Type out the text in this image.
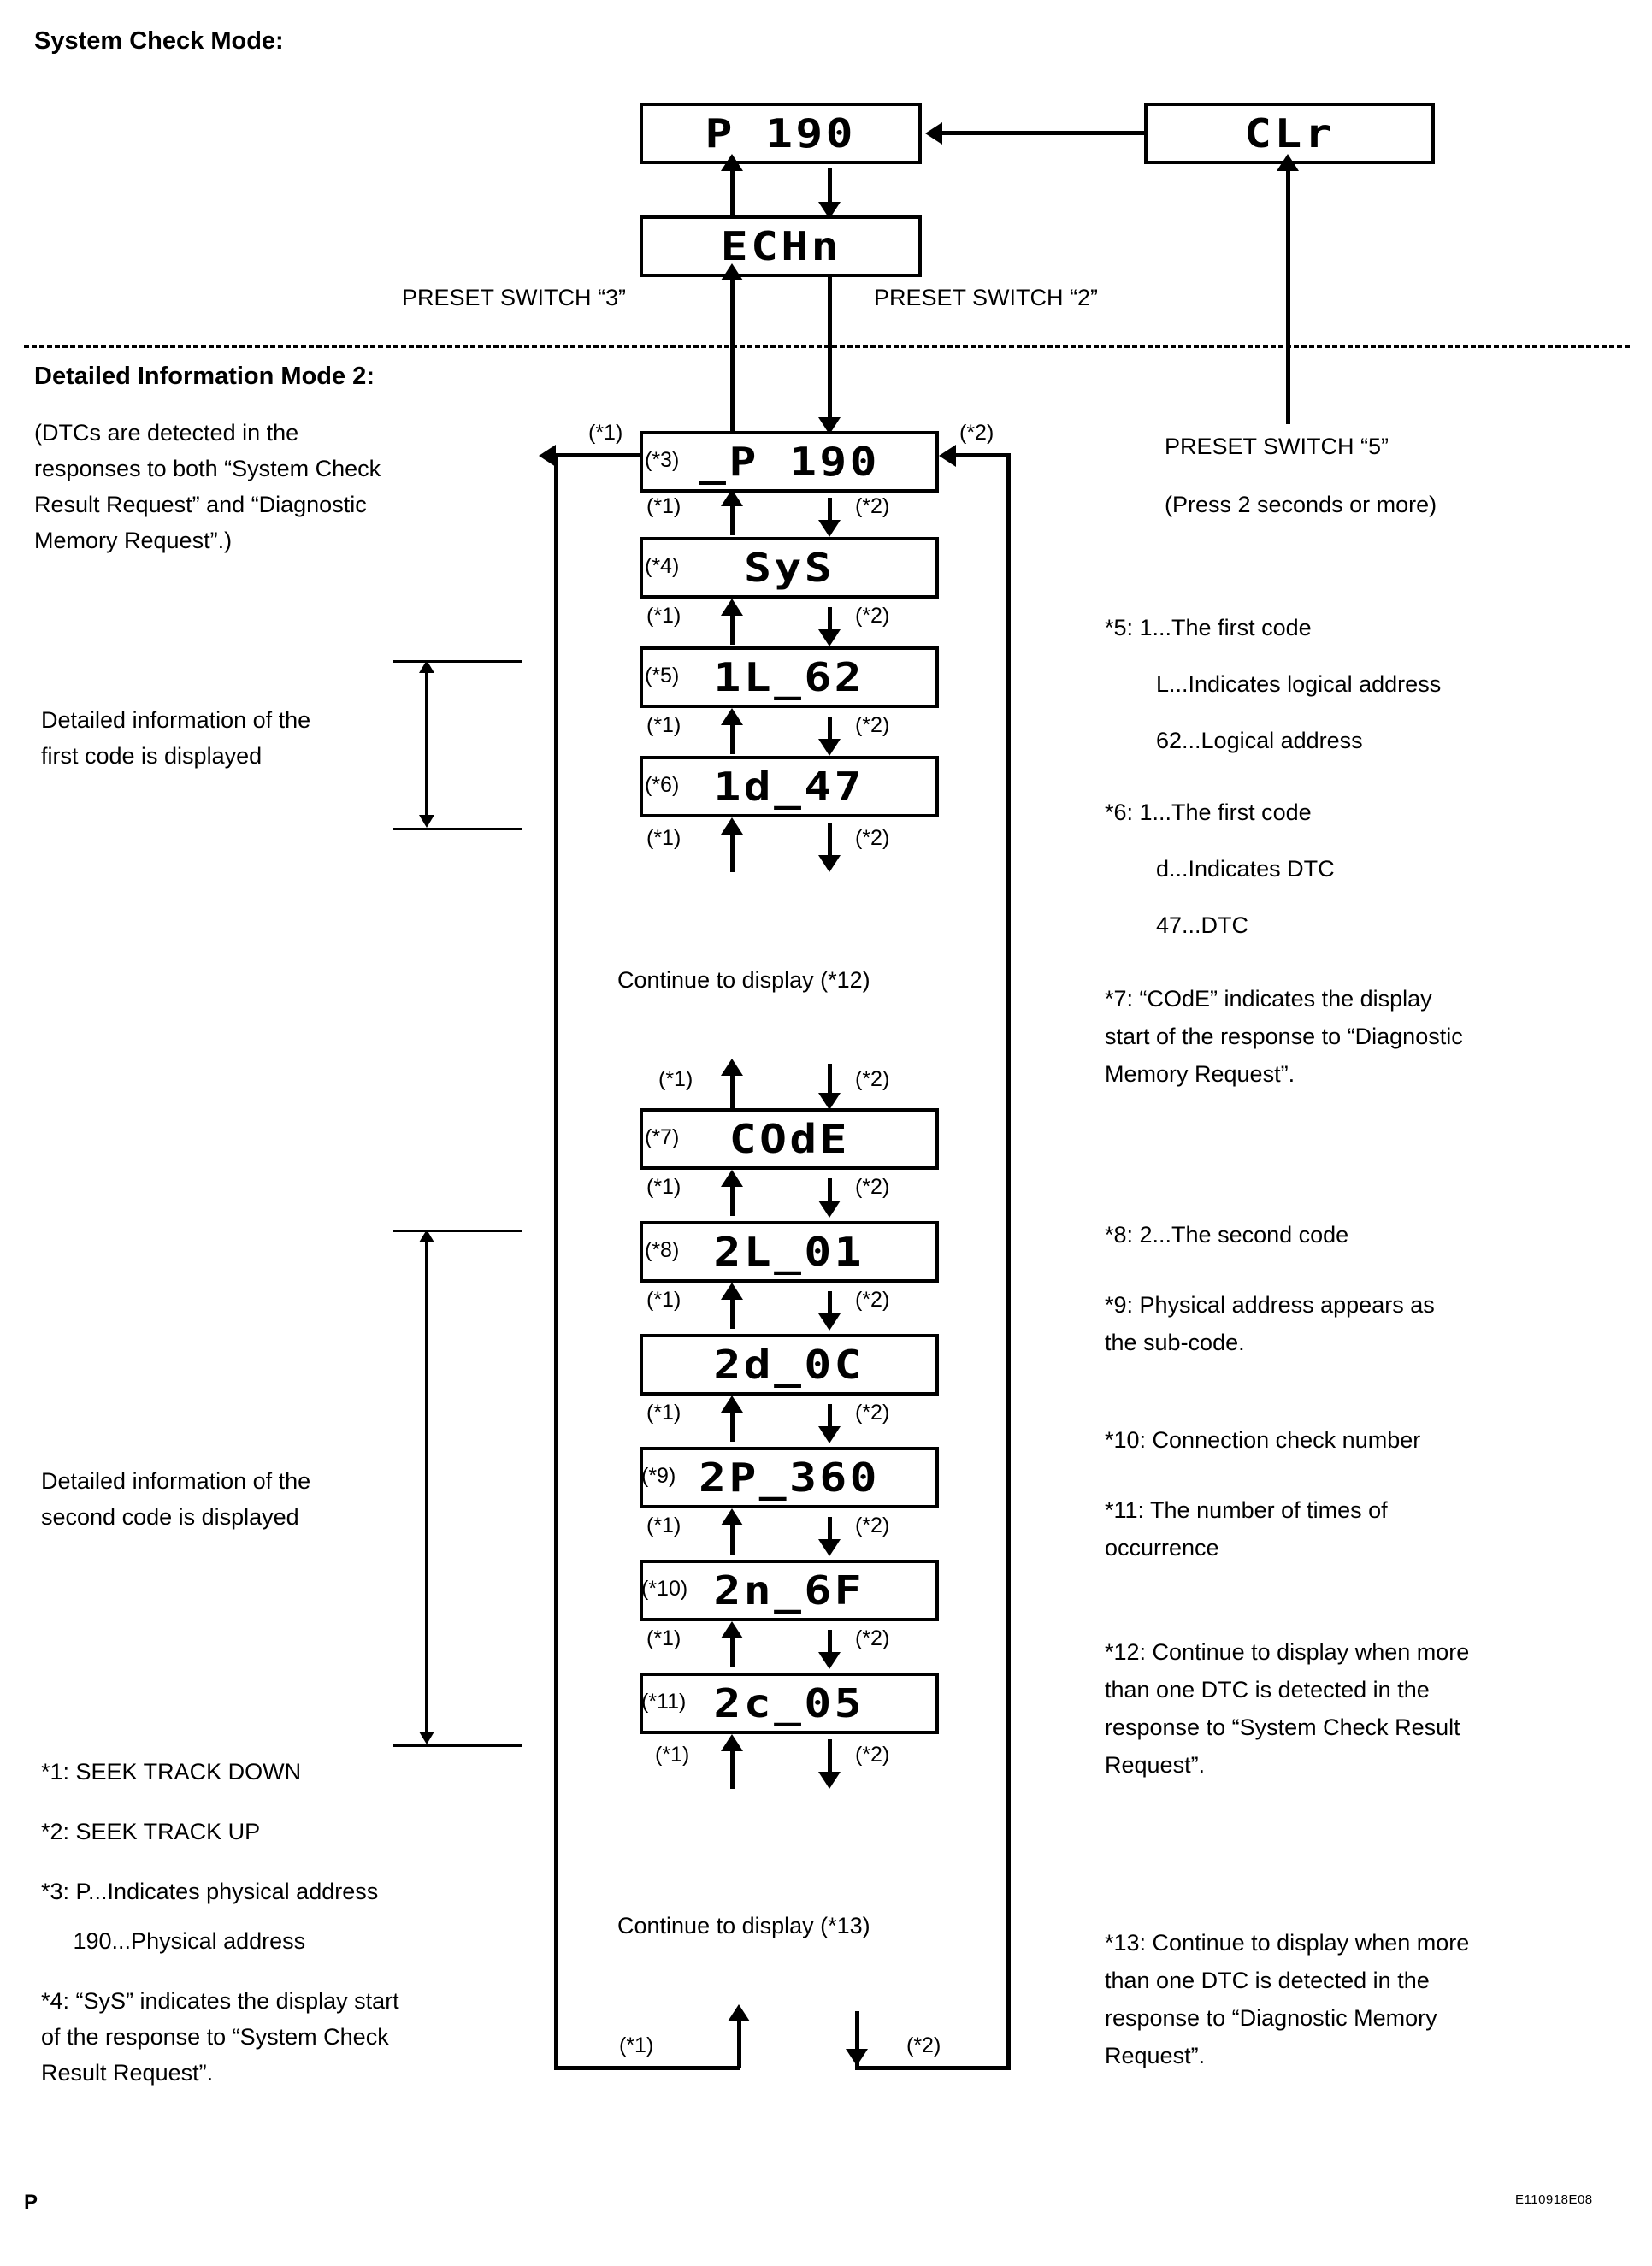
System Check Mode:
Detailed Information Mode 2:
P 190	CLr
ECHn
PRESET SWITCH “3”	PRESET SWITCH “2”
PRESET SWITCH “5”
(Press 2 seconds or more)
(DTCs are detected in the
responses to both “System Check
Result Request” and “Diagnostic
Memory Request”.)
_P 190
(*3)
(*1)	(*2)
SyS
(*4)
1L_62
(*5)
1d_47
(*6)
COdE
(*7)
2L_01
(*8)
2d_0C
2P_360
(*9)
2n_6F
(*10)
2c_05
(*11)
(*1)	(*2)
(*1)	(*2)
(*1)	(*2)
(*1)	(*2)
Continue to display (*12)
(*1)	(*2)
(*1)	(*2)
(*1)	(*2)
(*1)	(*2)
(*1)	(*2)
(*1)	(*2)
(*1)	(*2)
Continue to display (*13)
(*1)	(*2)
Detailed information of the
first code is displayed
Detailed information of the
second code is displayed
*1: SEEK TRACK DOWN
*2: SEEK TRACK UP
*3: P...Indicates physical address
190...Physical address
*4: “SyS” indicates the display start
of the response to “System Check
Result Request”.
*5: 1...The first code
L...Indicates logical address
62...Logical address
*6: 1...The first code
d...Indicates DTC
47...DTC
*7: “COdE” indicates the display
start of the response to “Diagnostic
Memory Request”.
*8: 2...The second code
*9: Physical address appears as
the sub-code.
*10: Connection check number
*11: The number of times of
occurrence
*12: Continue to display when more
than one DTC is detected in the
response to “System Check Result
Request”.
*13: Continue to display when more
than one DTC is detected in the
response to “Diagnostic Memory
Request”.
P	E110918E08
